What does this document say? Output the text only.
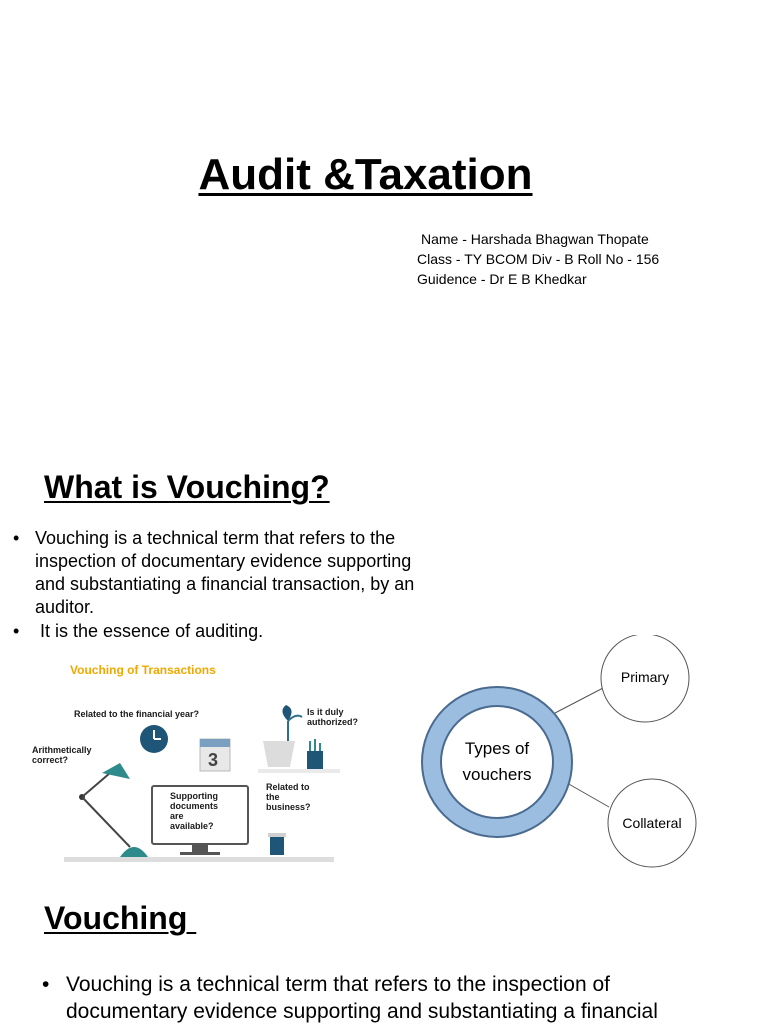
Audit &Taxation
Name - Harshada Bhagwan Thopate
Class - TY BCOM Div - B Roll No - 156
Guidence - Dr E B Khedkar
What is Vouching?
• Vouching is a technical term that refers to the
inspection of documentary evidence supporting
and substantiating a financial transaction, by an
auditor.
•	It is the essence of auditing.
Vouching of Transactions
Related to the financial year?	Is it duly
authorized?
Arithmetically
correct?
Supporting
documents
are
available?
Related to
the
business?
3
Types of
vouchers
Primary
Collateral
Vouching
• Vouching is a technical term that refers to the inspection of
documentary evidence supporting and substantiating a financial
